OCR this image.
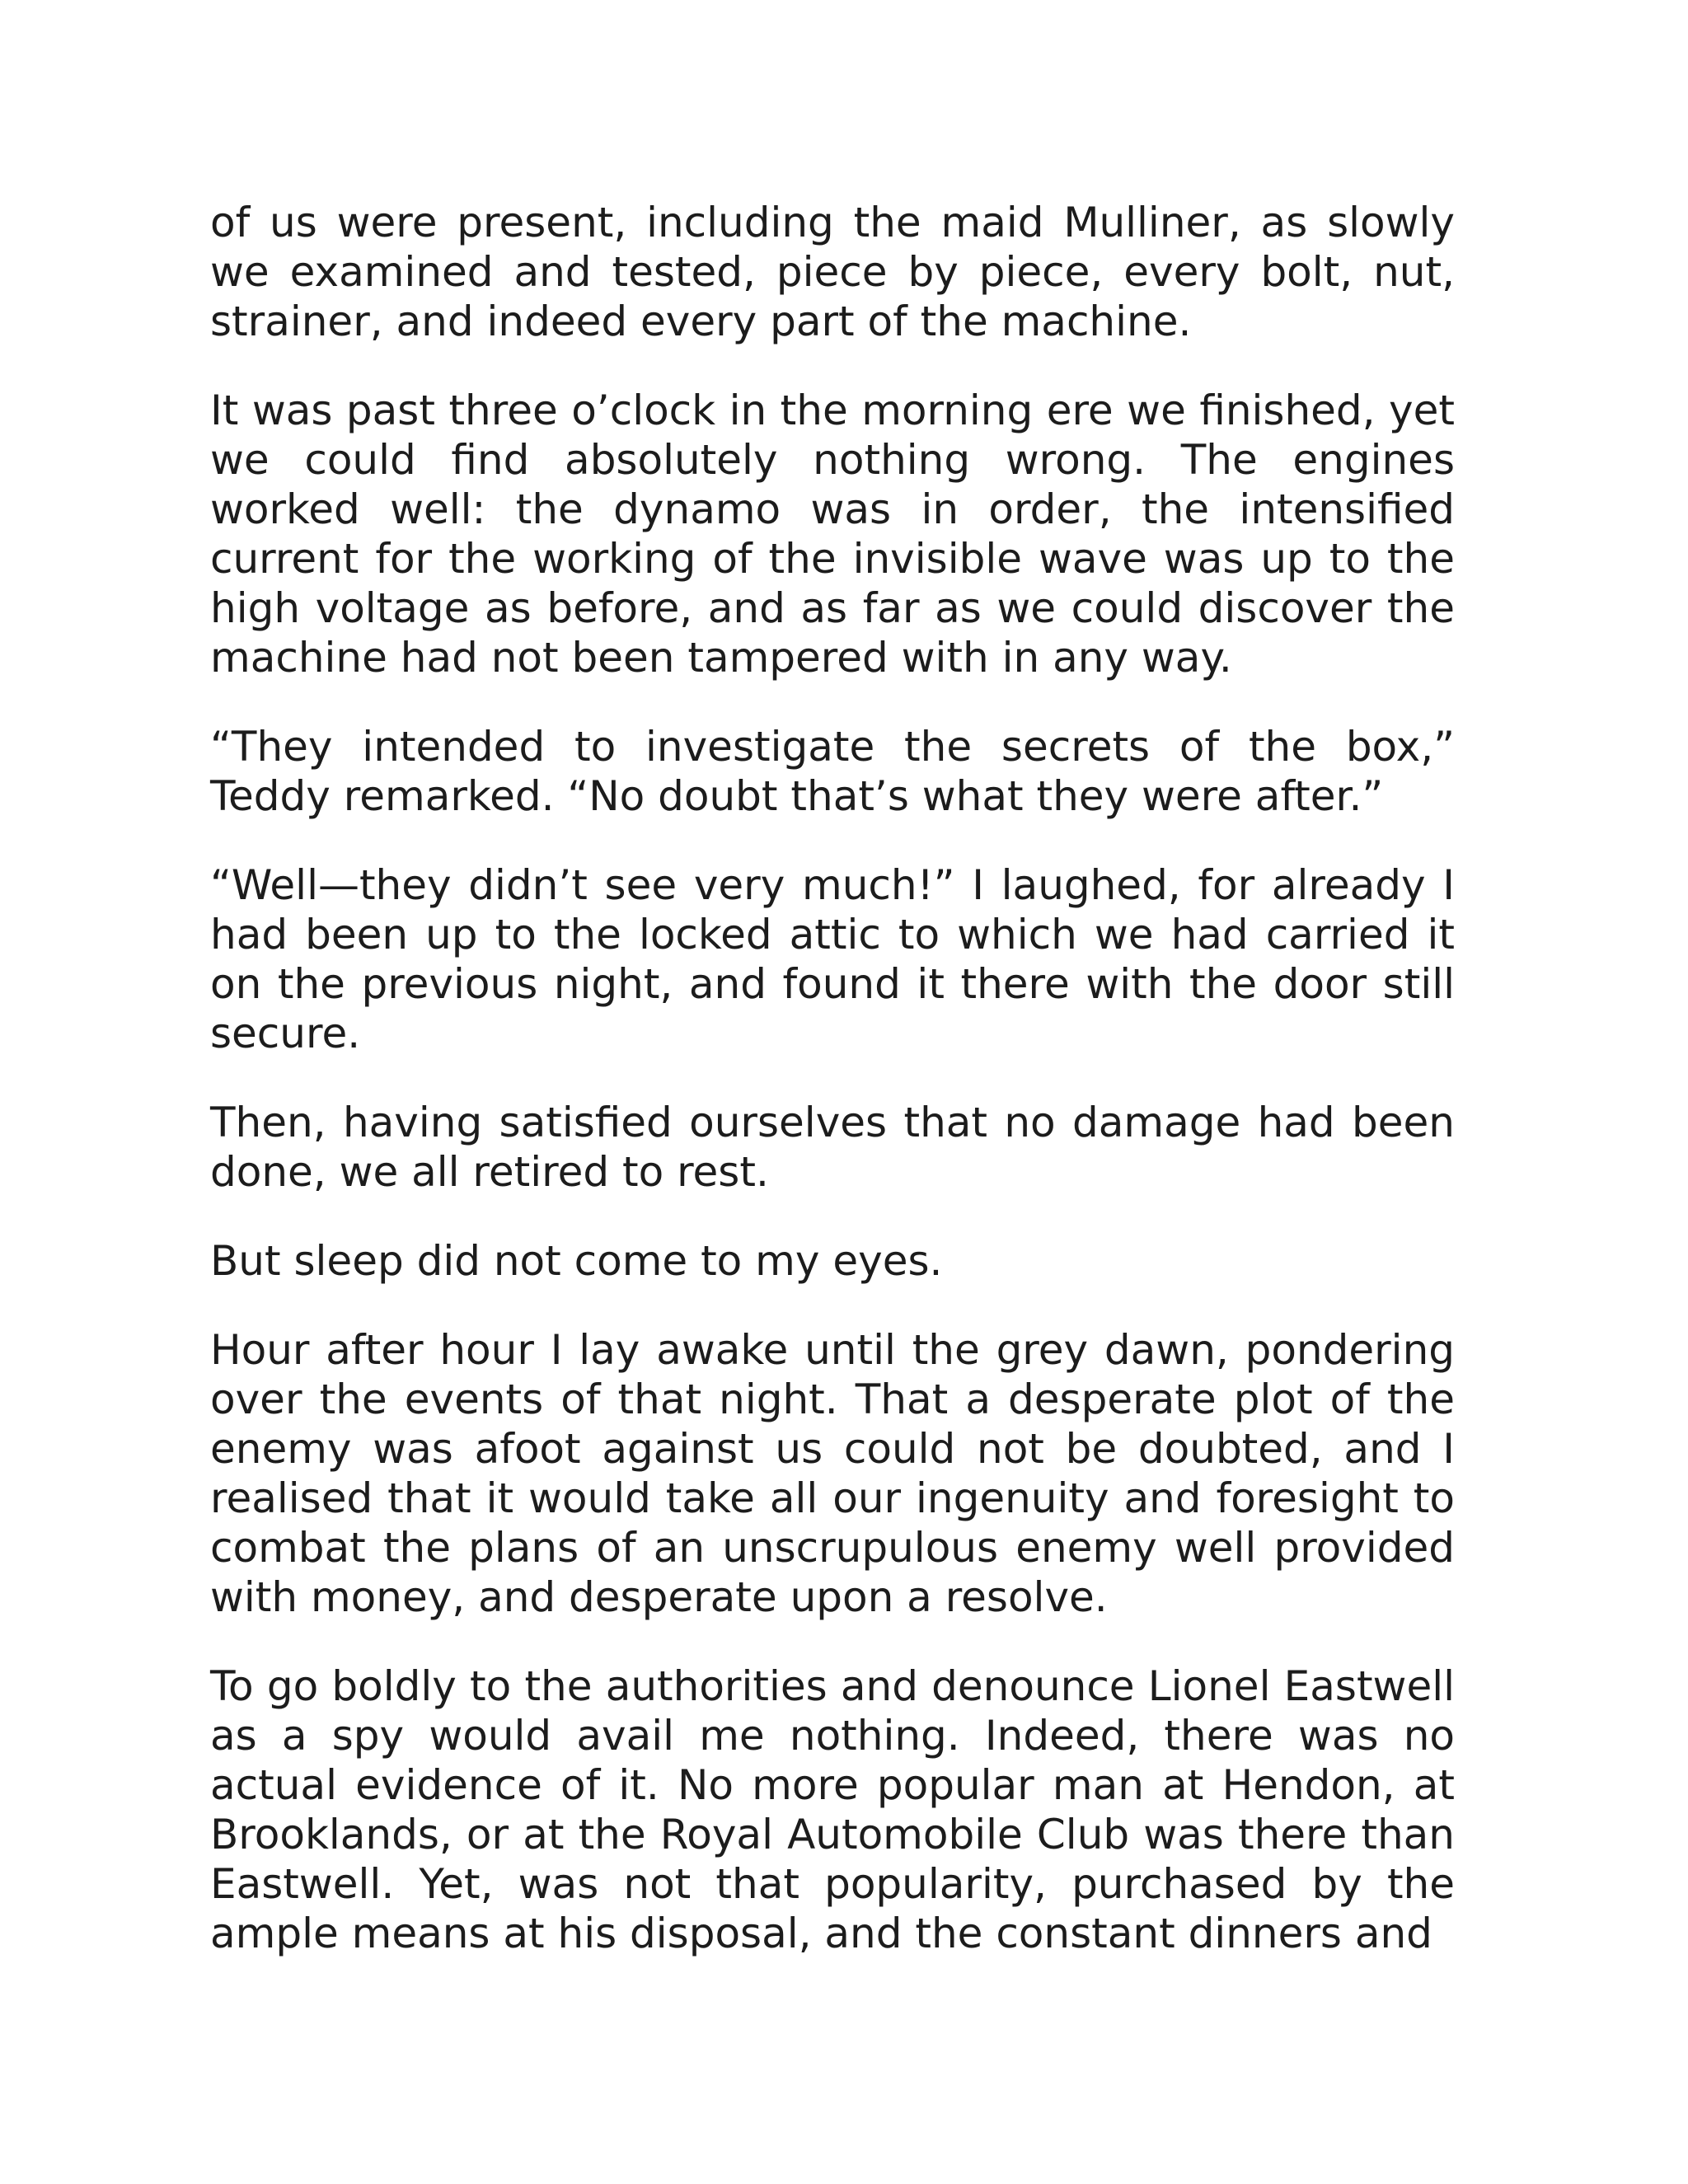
of us were present, including the maid Mulliner, as slowly we examined and tested, piece by piece, every bolt, nut, strainer, and indeed every part of the machine.

It was past three o’clock in the morning ere we finished, yet we could find absolutely nothing wrong. The engines worked well: the dynamo was in order, the intensified current for the working of the invisible wave was up to the high voltage as before, and as far as we could discover the machine had not been tampered with in any way.

“They intended to investigate the secrets of the box,” Teddy remarked. “No doubt that’s what they were after.”

“Well—they didn’t see very much!” I laughed, for already I had been up to the locked attic to which we had carried it on the previous night, and found it there with the door still secure.

Then, having satisfied ourselves that no damage had been done, we all retired to rest.

But sleep did not come to my eyes.

Hour after hour I lay awake until the grey dawn, pondering over the events of that night. That a desperate plot of the enemy was afoot against us could not be doubted, and I realised that it would take all our ingenuity and foresight to combat the plans of an unscrupulous enemy well provided with money, and desperate upon a resolve.

To go boldly to the authorities and denounce Lionel Eastwell as a spy would avail me nothing. Indeed, there was no actual evidence of it. No more popular man at Hendon, at Brooklands, or at the Royal Automobile Club was there than Eastwell. Yet, was not that popularity, purchased by the ample means at his disposal, and the constant dinners and
